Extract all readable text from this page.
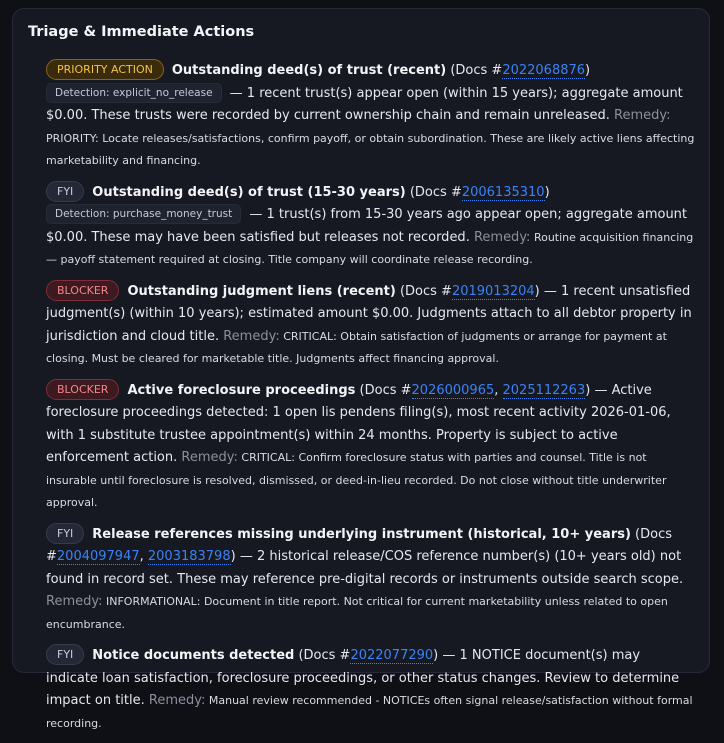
Triage & Immediate Actions
PRIORITY ACTION Outstanding deed(s) of trust (recent) (Docs #2022068876)
Detection: explicit_no_release — 1 recent trust(s) appear open (within 15 years); aggregate amount $0.00. These trusts were recorded by current ownership chain and remain unreleased. Remedy: PRIORITY: Locate releases/satisfactions, confirm payoff, or obtain subordination. These are likely active liens affecting marketability and financing.
FYI Outstanding deed(s) of trust (15-30 years) (Docs #2006135310)
Detection: purchase_money_trust — 1 trust(s) from 15-30 years ago appear open; aggregate amount $0.00. These may have been satisfied but releases not recorded. Remedy: Routine acquisition financing — payoff statement required at closing. Title company will coordinate release recording.
BLOCKER Outstanding judgment liens (recent) (Docs #2019013204) — 1 recent unsatisfied judgment(s) (within 10 years); estimated amount $0.00. Judgments attach to all debtor property in jurisdiction and cloud title. Remedy: CRITICAL: Obtain satisfaction of judgments or arrange for payment at closing. Must be cleared for marketable title. Judgments affect financing approval.
BLOCKER Active foreclosure proceedings (Docs #2026000965, 2025112263) — Active foreclosure proceedings detected: 1 open lis pendens filing(s), most recent activity 2026-01-06, with 1 substitute trustee appointment(s) within 24 months. Property is subject to active enforcement action. Remedy: CRITICAL: Confirm foreclosure status with parties and counsel. Title is not insurable until foreclosure is resolved, dismissed, or deed-in-lieu recorded. Do not close without title underwriter approval.
FYI Release references missing underlying instrument (historical, 10+ years) (Docs #2004097947, 2003183798) — 2 historical release/COS reference number(s) (10+ years old) not found in record set. These may reference pre-digital records or instruments outside search scope. Remedy: INFORMATIONAL: Document in title report. Not critical for current marketability unless related to open encumbrance.
FYI Notice documents detected (Docs #2022077290) — 1 NOTICE document(s) may indicate loan satisfaction, foreclosure proceedings, or other status changes. Review to determine impact on title. Remedy: Manual review recommended - NOTICEs often signal release/satisfaction without formal recording.
